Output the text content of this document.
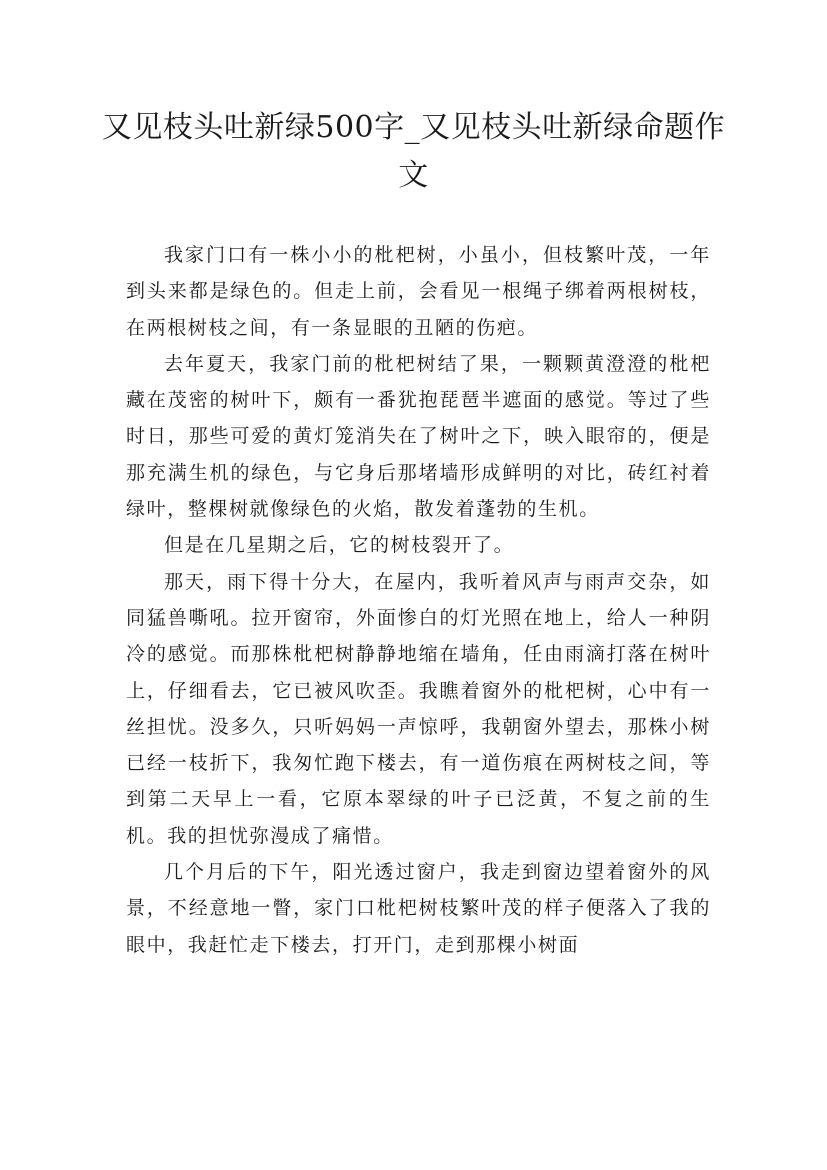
又见枝头吐新绿500字_又见枝头吐新绿命题作文

我家门口有一株小小的枇杷树，小虽小，但枝繁叶茂，一年到头来都是绿色的。但走上前，会看见一根绳子绑着两根树枝，在两根树枝之间，有一条显眼的丑陋的伤疤。

去年夏天，我家门前的枇杷树结了果，一颗颗黄澄澄的枇杷藏在茂密的树叶下，颇有一番犹抱琵琶半遮面的感觉。等过了些时日，那些可爱的黄灯笼消失在了树叶之下，映入眼帘的，便是那充满生机的绿色，与它身后那堵墙形成鲜明的对比，砖红衬着绿叶，整棵树就像绿色的火焰，散发着蓬勃的生机。

但是在几星期之后，它的树枝裂开了。

那天，雨下得十分大，在屋内，我听着风声与雨声交杂，如同猛兽嘶吼。拉开窗帘，外面惨白的灯光照在地上，给人一种阴冷的感觉。而那株枇杷树静静地缩在墙角，任由雨滴打落在树叶上，仔细看去，它已被风吹歪。我瞧着窗外的枇杷树，心中有一丝担忧。没多久，只听妈妈一声惊呼，我朝窗外望去，那株小树已经一枝折下，我匆忙跑下楼去，有一道伤痕在两树枝之间，等到第二天早上一看，它原本翠绿的叶子已泛黄，不复之前的生机。我的担忧弥漫成了痛惜。

几个月后的下午，阳光透过窗户，我走到窗边望着窗外的风景，不经意地一瞥，家门口枇杷树枝繁叶茂的样子便落入了我的眼中，我赶忙走下楼去，打开门，走到那棵小树面
